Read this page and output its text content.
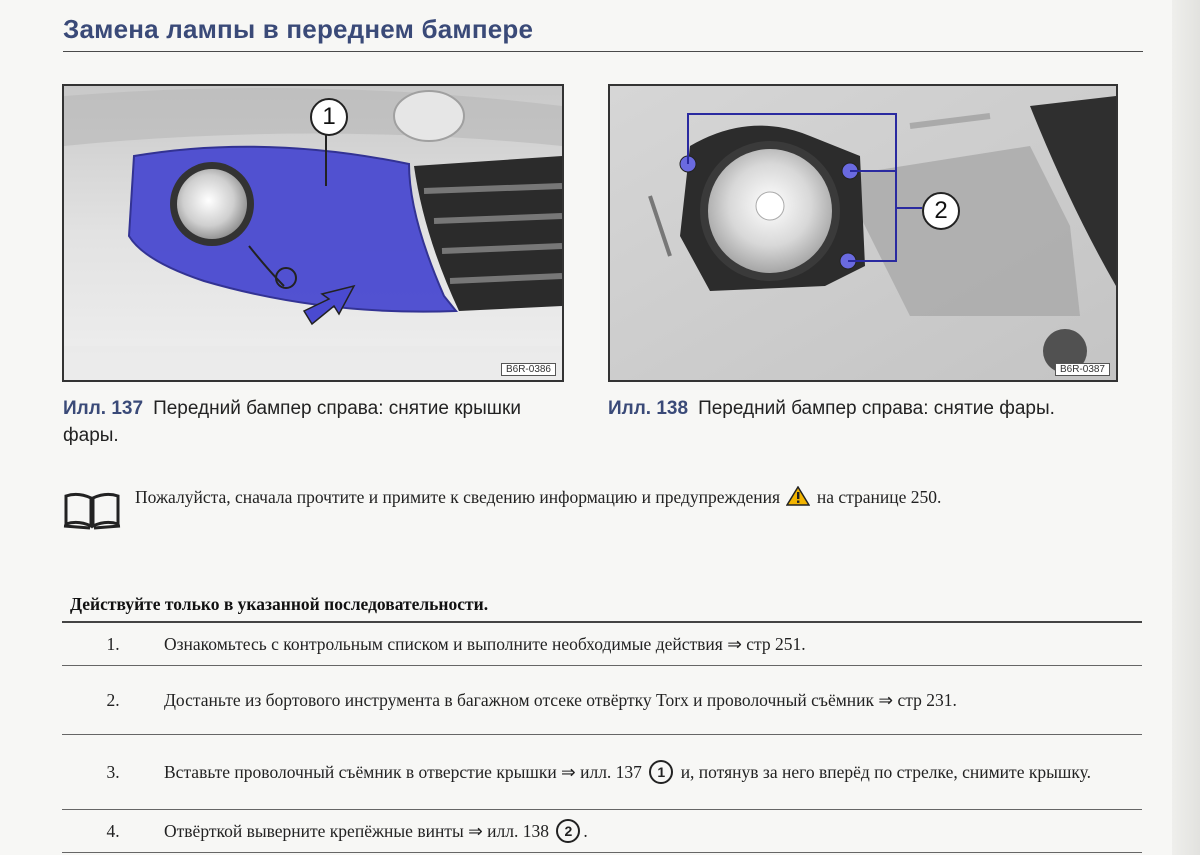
Замена лампы в переднем бампере
1
B6R-0386
2
B6R-0387
Илл. 137 Передний бампер справа: снятие крышки фары.
Илл. 138 Передний бампер справа: снятие фары.
Пожалуйста, сначала прочтите и примите к сведению информацию и предупреждения на странице 250.
Действуйте только в указанной последовательности.
1.	Ознакомьтесь с контрольным списком и выполните необходимые действия ⇒ стр 251.
2.	Достаньте из бортового инструмента в багажном отсеке отвёртку Torx и проволочный съёмник ⇒ стр 231.
3.	Вставьте проволочный съёмник в отверстие крышки ⇒ илл. 137 1 и, потянув за него вперёд по стрелке, снимите крышку.
4.	Отвёрткой выверните крепёжные винты ⇒ илл. 138 2 .
